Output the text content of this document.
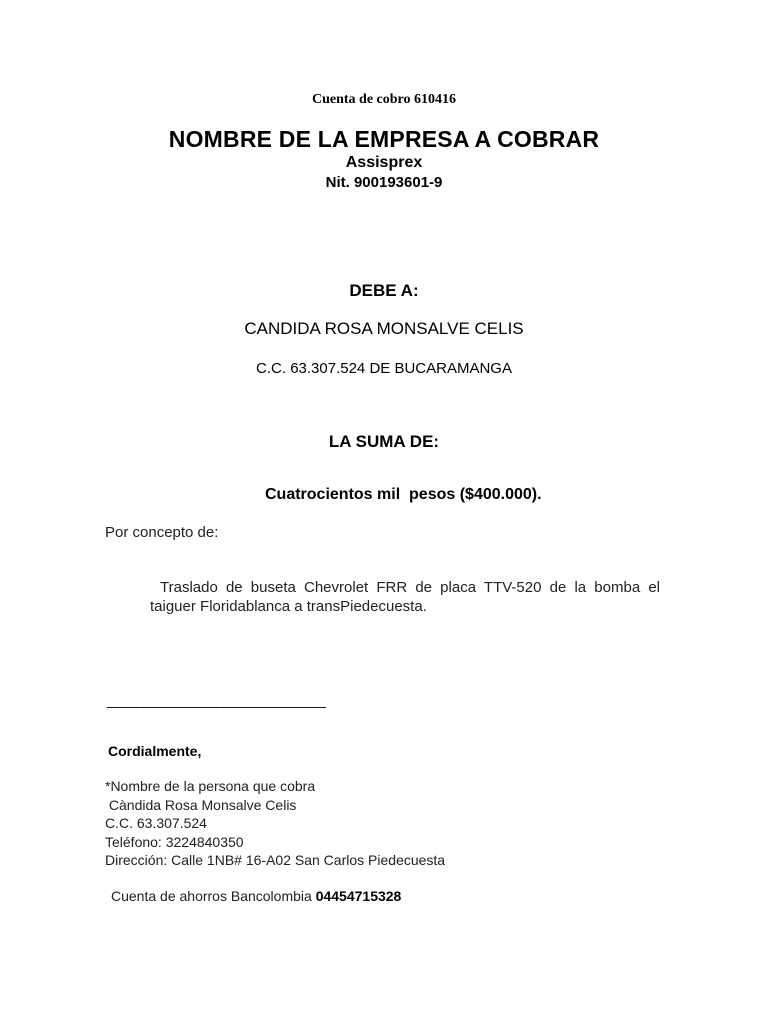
Cuenta de cobro 610416

NOMBRE DE LA EMPRESA A COBRAR

Assisprex

Nit. 900193601-9

DEBE A:

CANDIDA ROSA MONSALVE CELIS

C.C. 63.307.524 DE BUCARAMANGA

LA SUMA DE:

Cuatrocientos mil  pesos ($400.000).

Por concepto de:

Traslado de buseta Chevrolet FRR de placa TTV-520 de la bomba el taiguer Floridablanca a transPiedecuesta.

______________________________

Cordialmente,

*Nombre de la persona que cobra
Càndida Rosa Monsalve Celis
C.C. 63.307.524
Teléfono: 3224840350
Dirección: Calle 1NB# 16-A02 San Carlos Piedecuesta

Cuenta de ahorros Bancolombia 04454715328
